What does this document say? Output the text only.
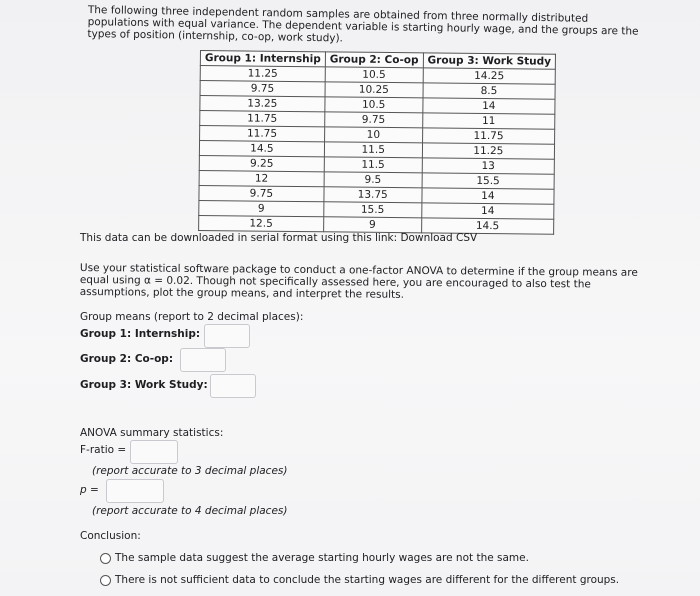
The following three independent random samples are obtained from three normally distributed populations with equal variance. The dependent variable is starting hourly wage, and the groups are the types of position (internship, co-op, work study).
Group 1: Internship	Group 2: Co-op	Group 3: Work Study
11.25	10.5	14.25
9.75	10.25	8.5
13.25	10.5	14
11.75	9.75	11
11.75	10	11.75
14.5	11.5	11.25
9.25	11.5	13
12	9.5	15.5
9.75	13.75	14
9	15.5	14
12.5	9	14.5
This data can be downloaded in serial format using this link: Download CSV
Use your statistical software package to conduct a one-factor ANOVA to determine if the group means are equal using α = 0.02. Though not specifically assessed here, you are encouraged to also test the assumptions, plot the group means, and interpret the results.
Group means (report to 2 decimal places):
Group 1: Internship:
Group 2: Co-op:
Group 3: Work Study:
ANOVA summary statistics:
F-ratio =
(report accurate to 3 decimal places)
p =
(report accurate to 4 decimal places)
Conclusion:
The sample data suggest the average starting hourly wages are not the same.
There is not sufficient data to conclude the starting wages are different for the different groups.
